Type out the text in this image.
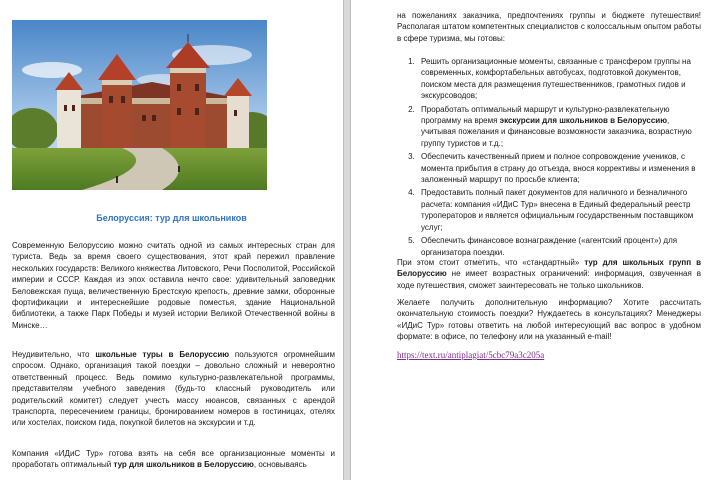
Белоруссия: тур для школьников

Современную Белоруссию можно считать одной из самых интересных стран для туриста. Ведь за время своего существования, этот край пережил правление нескольких государств: Великого княжества Литовского, Речи Посполитой, Российской империи и СССР. Каждая из эпох оставила нечто свое: удивительный заповедник Беловежская пуща, величественную Брестскую крепость, древние замки, оборонные фортификации и интереснейшие родовые поместья, здание Национальной библиотеки, а также Парк Победы и музей истории Великой Отечественной войны в Минске…

Неудивительно, что школьные туры в Белоруссию пользуются огромнейшим спросом. Однако, организация такой поездки – довольно сложный и невероятно ответственный процесс. Ведь помимо культурно-развлекательной программы, представителям учебного заведения (будь-то классный руководитель или родительский комитет) следует учесть массу нюансов, связанных с арендой транспорта, пересечением границы, бронированием номеров в гостиницах, отелях или хостелах, поиском гида, покупкой билетов на экскурсии и т.д.

Компания «ИДиС Тур» готова взять на себя все организационные моменты и проработать оптимальный тур для школьников в Белоруссию, основываясь

на пожеланиях заказчика, предпочтениях группы и бюджете путешествия! Располагая штатом компетентных специалистов с колоссальным опытом работы в сфере туризма, мы готовы:

1. Решить организационные моменты, связанные с трансфером группы на современных, комфортабельных автобусах, подготовкой документов, поиском места для размещения путешественников, грамотных гидов и экскурсоводов;
2. Проработать оптимальный маршрут и культурно-развлекательную программу на время экскурсии для школьников в Белоруссию, учитывая пожелания и финансовые возможности заказчика, возрастную группу туристов и т.д.;
3. Обеспечить качественный прием и полное сопровождение учеников, с момента прибытия в страну до отъезда, внося коррективы и изменения в заложенный маршрут по просьбе клиента;
4. Предоставить полный пакет документов для наличного и безналичного расчета: компания «ИДиС Тур» внесена в Единый федеральный реестр туроператоров и является официальным государственным поставщиком услуг;
5. Обеспечить финансовое вознаграждение («агентский процент») для организатора поездки.

При этом стоит отметить, что «стандартный» тур для школьных групп в Белоруссию не имеет возрастных ограничений: информация, озвученная в ходе путешествия, сможет заинтересовать не только школьников.

Желаете получить дополнительную информацию? Хотите рассчитать окончательную стоимость поездки? Нуждаетесь в консультациях? Менеджеры «ИДиС Тур» готовы ответить на любой интересующий вас вопрос в удобном формате: в офисе, по телефону или на указанный e-mail!

https://text.ru/antiplagiat/5cbc79a3c205a
